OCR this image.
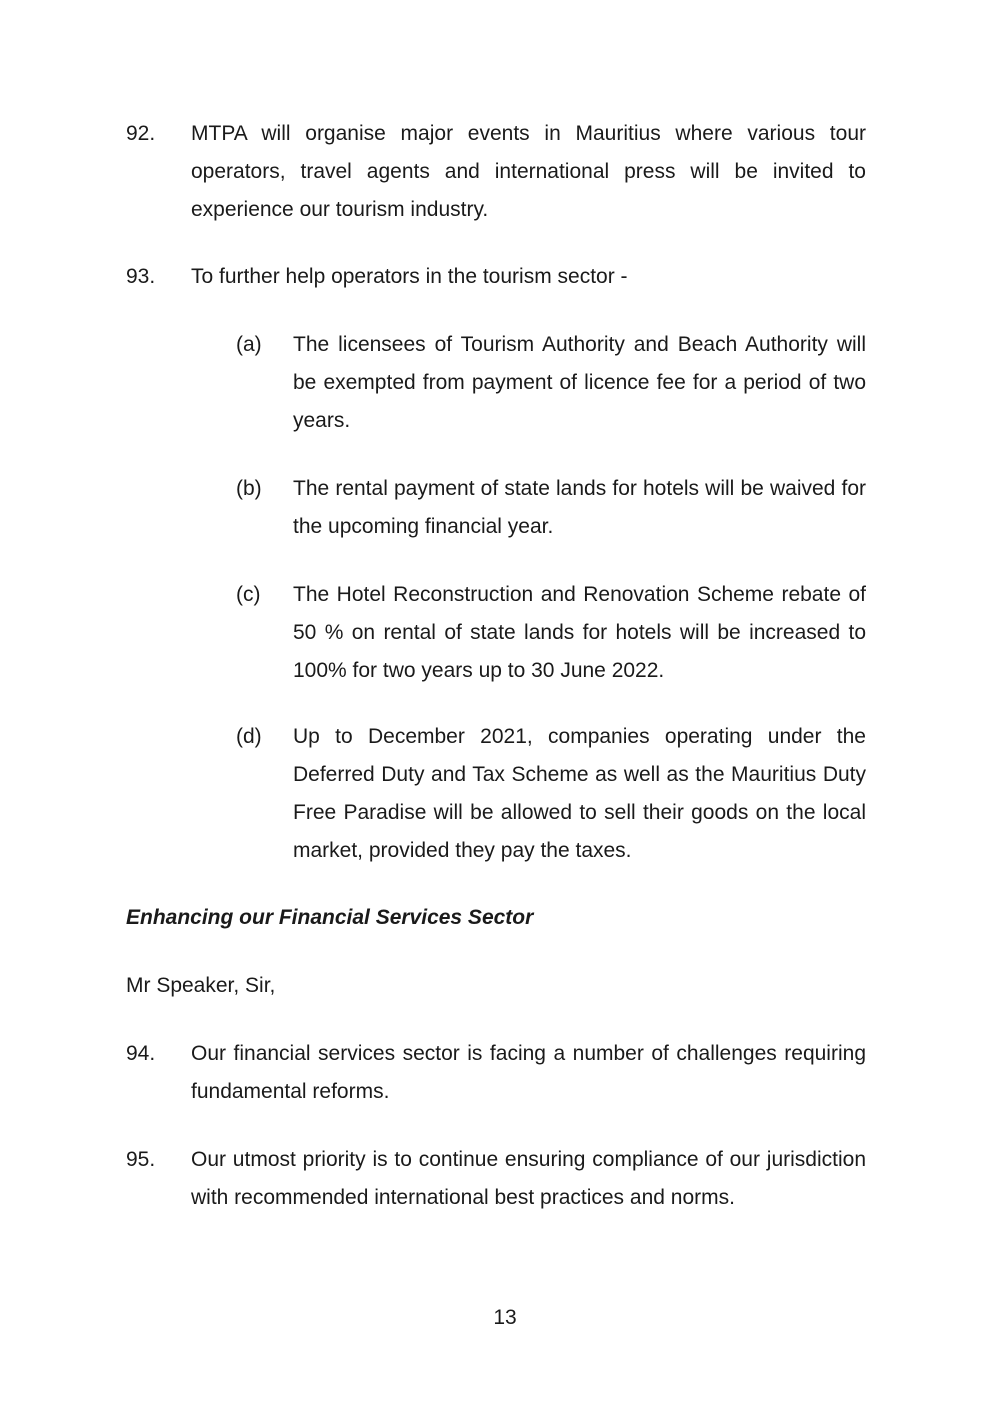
92.	MTPA will organise major events in Mauritius where various tour operators, travel agents and international press will be invited to experience our tourism industry.
93.	To further help operators in the tourism sector -
(a)	The licensees of Tourism Authority and Beach Authority will be exempted from payment of licence fee for a period of two years.
(b)	The rental payment of state lands for hotels will be waived for the upcoming financial year.
(c)	The Hotel Reconstruction and Renovation Scheme rebate of 50 % on rental of state lands for hotels will be increased to 100% for two years up to 30 June 2022.
(d)	Up to December 2021, companies operating under the Deferred Duty and Tax Scheme as well as the Mauritius Duty Free Paradise will be allowed to sell their goods on the local market, provided they pay the taxes.
Enhancing our Financial Services Sector
Mr Speaker, Sir,
94.	Our financial services sector is facing a number of challenges requiring fundamental reforms.
95.	Our utmost priority is to continue ensuring compliance of our jurisdiction with recommended international best practices and norms.
13
